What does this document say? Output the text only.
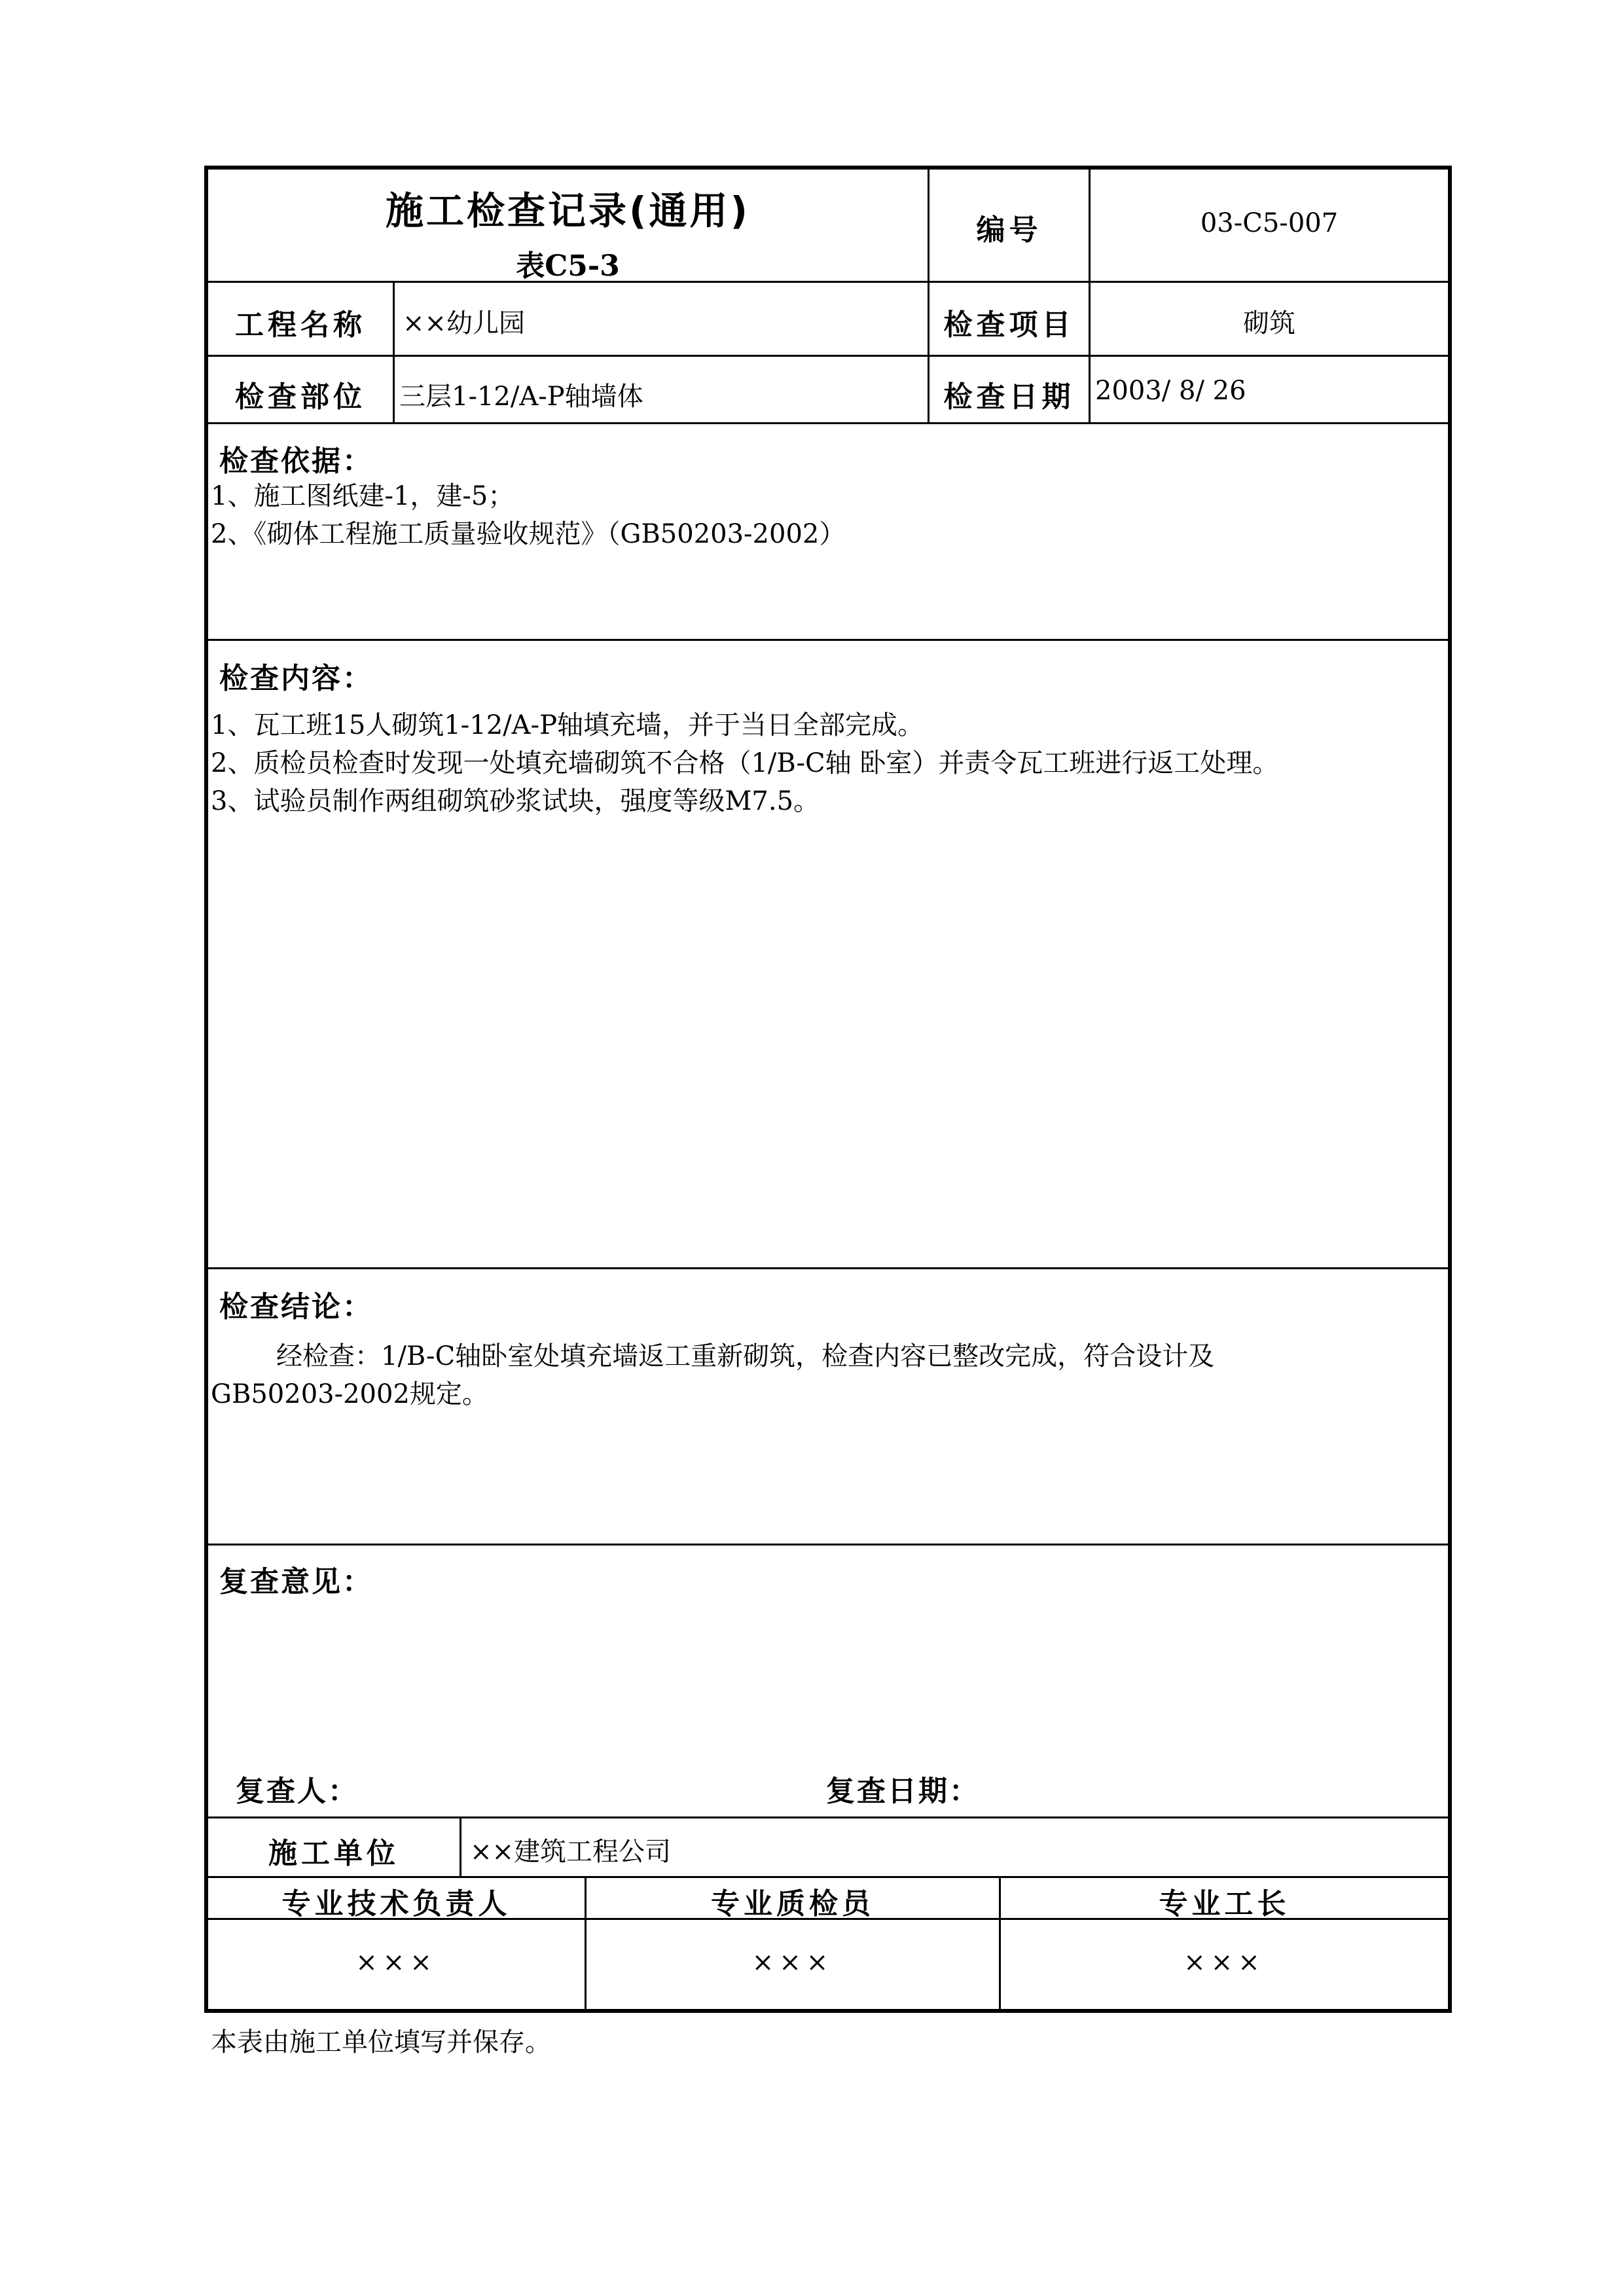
施工检查记录(通用)
表C5-3
编号	03-C5-007
工程名称	××幼儿园	检查项目	砌筑
检查部位	三层1-12/A-P轴墙体	检查日期 2003/ 8/ 26
检查依据：
1、施工图纸建-1，建-5；
2、《砌体工程施工质量验收规范》（GB50203-2002）
检查内容：
1、瓦工班15人砌筑1-12/A-P轴填充墙，并于当日全部完成。
2、质检员检查时发现一处填充墙砌筑不合格（1/B-C轴 卧室）并责令瓦工班进行返工处理。
3、试验员制作两组砌筑砂浆试块，强度等级M7.5。
检查结论：
经检查：1/B-C轴卧室处填充墙返工重新砌筑，检查内容已整改完成，符合设计及
GB50203-2002规定。
复查意见：
复查人：	复查日期：
施工单位	××建筑工程公司
专业技术负责人	专业质检员	专业工长
×××	×××	×××
本表由施工单位填写并保存。
